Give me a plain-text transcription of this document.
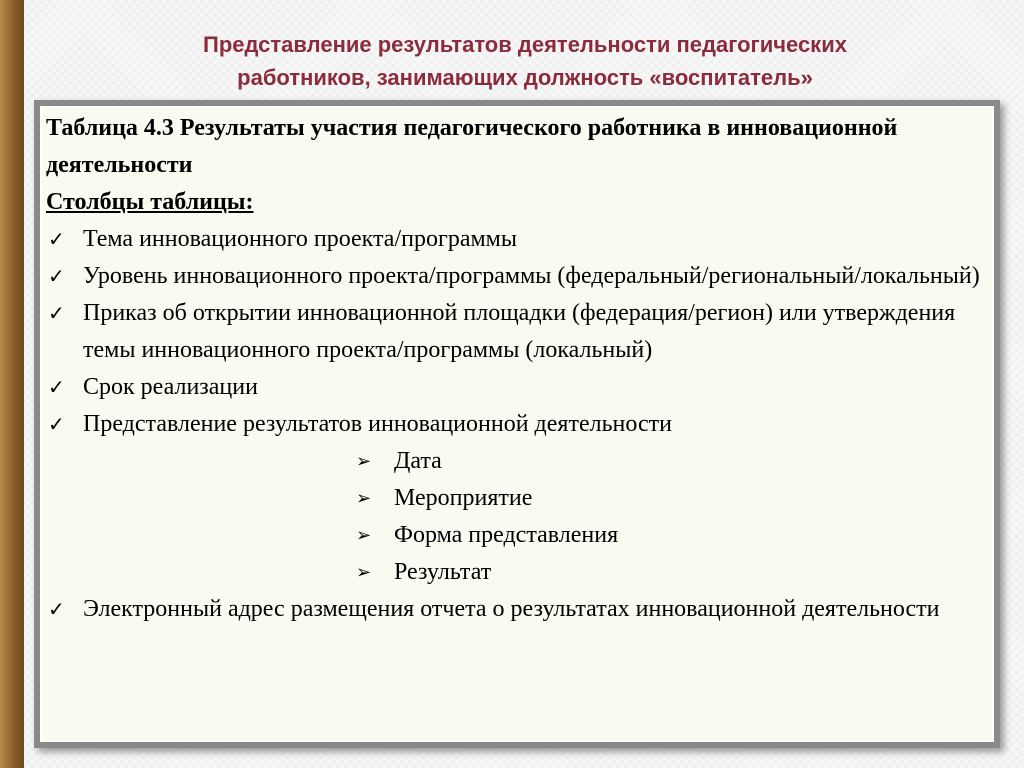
Представление результатов деятельности педагогических
работников, занимающих должность «воспитатель»

Таблица 4.3 Результаты участия педагогического работника в инновационной деятельности

Столбцы таблицы:

✓ Тема инновационного проекта/программы
✓ Уровень инновационного проекта/программы (федеральный/региональный/локальный)
✓ Приказ об открытии инновационной площадки (федерация/регион) или утверждения темы инновационного проекта/программы (локальный)
✓ Срок реализации
✓ Представление результатов инновационной деятельности
➢ Дата
➢ Мероприятие
➢ Форма представления
➢ Результат
✓ Электронный адрес размещения отчета о результатах инновационной деятельности
